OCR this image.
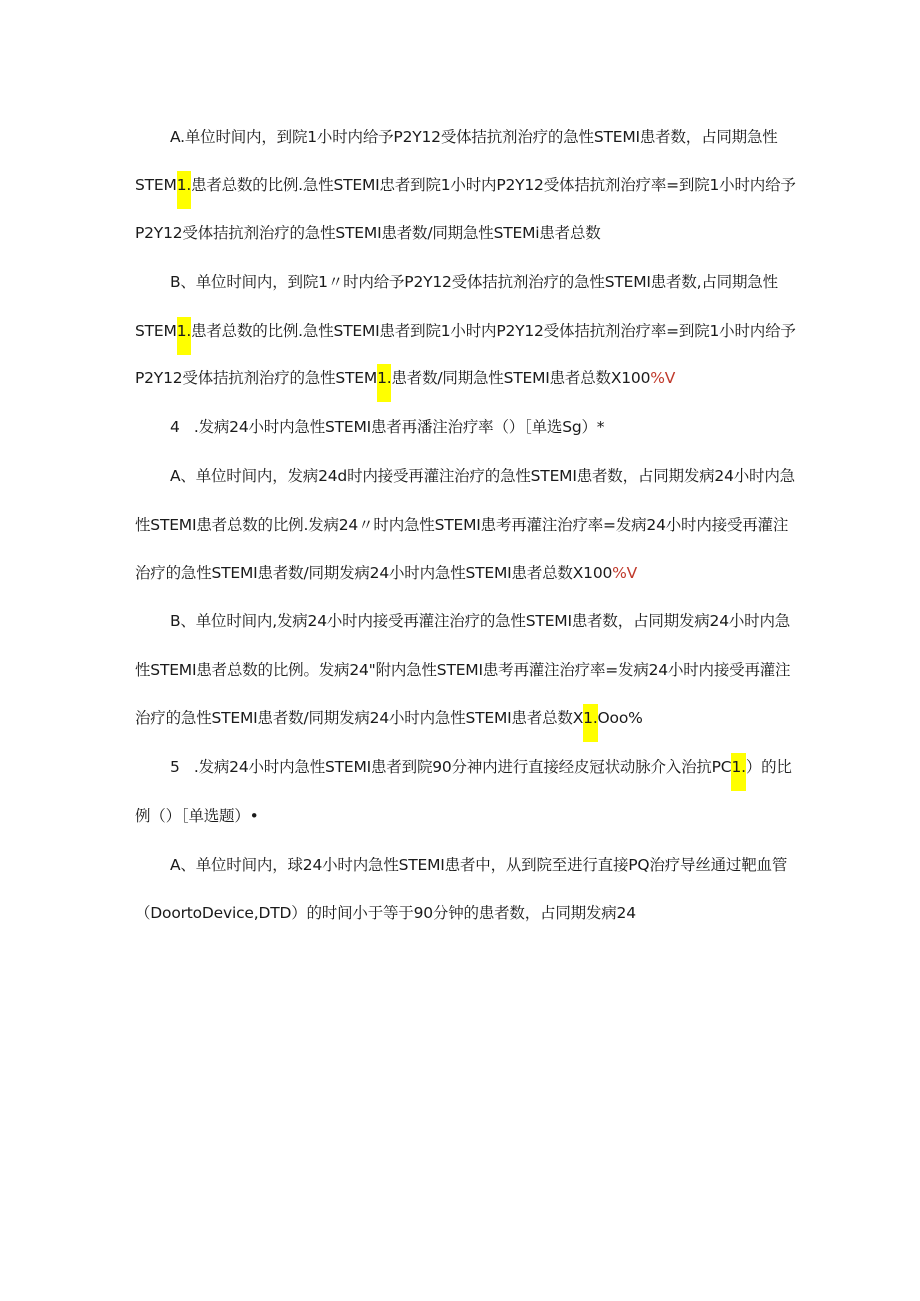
A.单位时间内，到院1小时内给予P2Y12受体拮抗剂治疗的急性STEMI患者数，占同期急性
STEM1.患者总数的比例.急性STEMI忠者到院1小时内P2Y12受体拮抗剂治疗率=到院1小时内给予
P2Y12受体拮抗剂治疗的急性STEMI患者数/同期急性STEMi患者总数
B、单位时间内，到院1〃时内给予P2Y12受体拮抗剂治疗的急性STEMI患者数,占同期急性
STEM1.患者总数的比例.急性STEMI患者到院1小时内P2Y12受体拮抗剂治疗率=到院1小时内给予
P2Y12受体拮抗剂治疗的急性STEM1.患者数/同期急性STEMI患者总数X100%V
4   .发病24小时内急性STEMI患者再潘注治疗率（）［单选Sg）*
A、单位时间内，发病24d时内接受再灌注治疗的急性STEMI患者数，占同期发病24小时内急
性STEMI患者总数的比例.发病24〃时内急性STEMI患考再灌注治疗率=发病24小时内接受再灌注
治疗的急性STEMI患者数/同期发病24小时内急性STEMI患者总数X100%V
B、单位时间内,发病24小时内接受再灌注治疗的急性STEMI患者数，占同期发病24小时内急
性STEMI患者总数的比例。发病24"附内急性STEMI患考再灌注治疗率=发病24小时内接受再灌注
治疗的急性STEMI患者数/同期发病24小时内急性STEMI患者总数X1.Ooo%
5   .发病24小时内急性STEMI患者到院90分神内进行直接经皮冠状动脉介入治抗PC1.）的比
例（）［单选题）•
A、单位时间内，球24小时内急性STEMI患者中，从到院至进行直接PQ治疗导丝通过靶血管
（DoortoDevice,DTD）的时间小于等于90分钟的患者数，占同期发病24
